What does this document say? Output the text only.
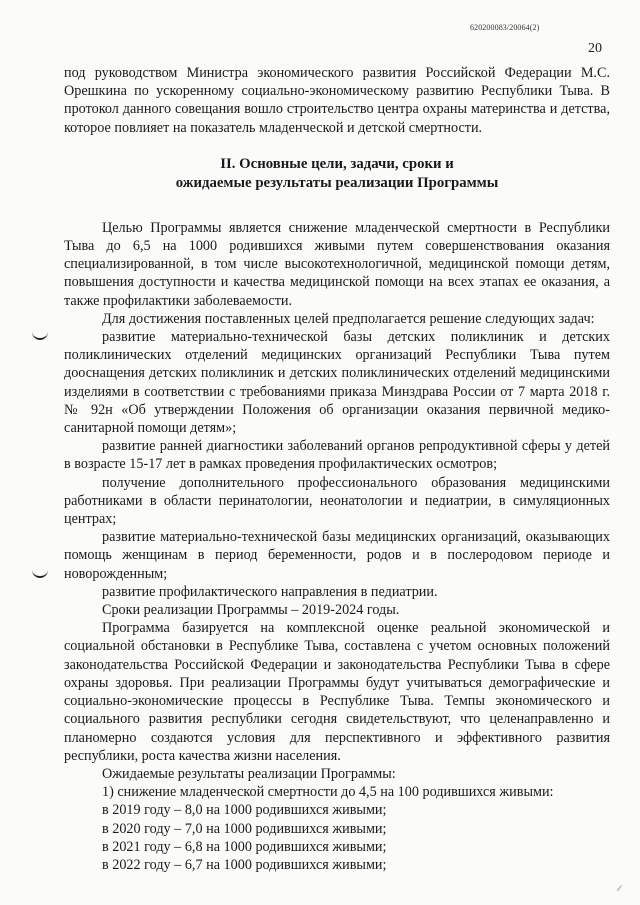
620200083/20064(2)
20

под руководством Министра экономического развития Российской Федерации М.С. Орешкина по ускоренному социально-экономическому развитию Республики Тыва. В протокол данного совещания вошло строительство центра охраны материнства и детства, которое повлияет на показатель младенческой и детской смертности.

II. Основные цели, задачи, сроки и
ожидаемые результаты реализации Программы

Целью Программы является снижение младенческой смертности в Республики Тыва до 6,5 на 1000 родившихся живыми путем совершенствования оказания специализированной, в том числе высокотехнологичной, медицинской помощи детям, повышения доступности и качества медицинской помощи на всех этапах ее оказания, а также профилактики заболеваемости.

Для достижения поставленных целей предполагается решение следующих задач:

развитие материально-технической базы детских поликлиник и детских поликлинических отделений медицинских организаций Республики Тыва путем дооснащения детских поликлиник и детских поликлинических отделений медицинскими изделиями в соответствии с требованиями приказа Минздрава России от 7 марта 2018 г. № 92н «Об утверждении Положения об организации оказания первичной медико-санитарной помощи детям»;

развитие ранней диагностики заболеваний органов репродуктивной сферы у детей в возрасте 15-17 лет в рамках проведения профилактических осмотров;

получение дополнительного профессионального образования медицинскими работниками в области перинатологии, неонатологии и педиатрии, в симуляционных центрах;

развитие материально-технической базы медицинских организаций, оказывающих помощь женщинам в период беременности, родов и в послеродовом периоде и новорожденным;

развитие профилактического направления в педиатрии.

Сроки реализации Программы – 2019-2024 годы.

Программа базируется на комплексной оценке реальной экономической и социальной обстановки в Республике Тыва, составлена с учетом основных положений законодательства Российской Федерации и законодательства Республики Тыва в сфере охраны здоровья. При реализации Программы будут учитываться демографические и социально-экономические процессы в Республике Тыва. Темпы экономического и социального развития республики сегодня свидетельствуют, что целенаправленно и планомерно создаются условия для перспективного и эффективного развития республики, роста качества жизни населения.

Ожидаемые результаты реализации Программы:

1) снижение младенческой смертности до 4,5 на 100 родившихся живыми:

в 2019 году – 8,0 на 1000 родившихся живыми;
в 2020 году – 7,0 на 1000 родившихся живыми;
в 2021 году – 6,8 на 1000 родившихся живыми;
в 2022 году – 6,7 на 1000 родившихся живыми;
⁄⁄
